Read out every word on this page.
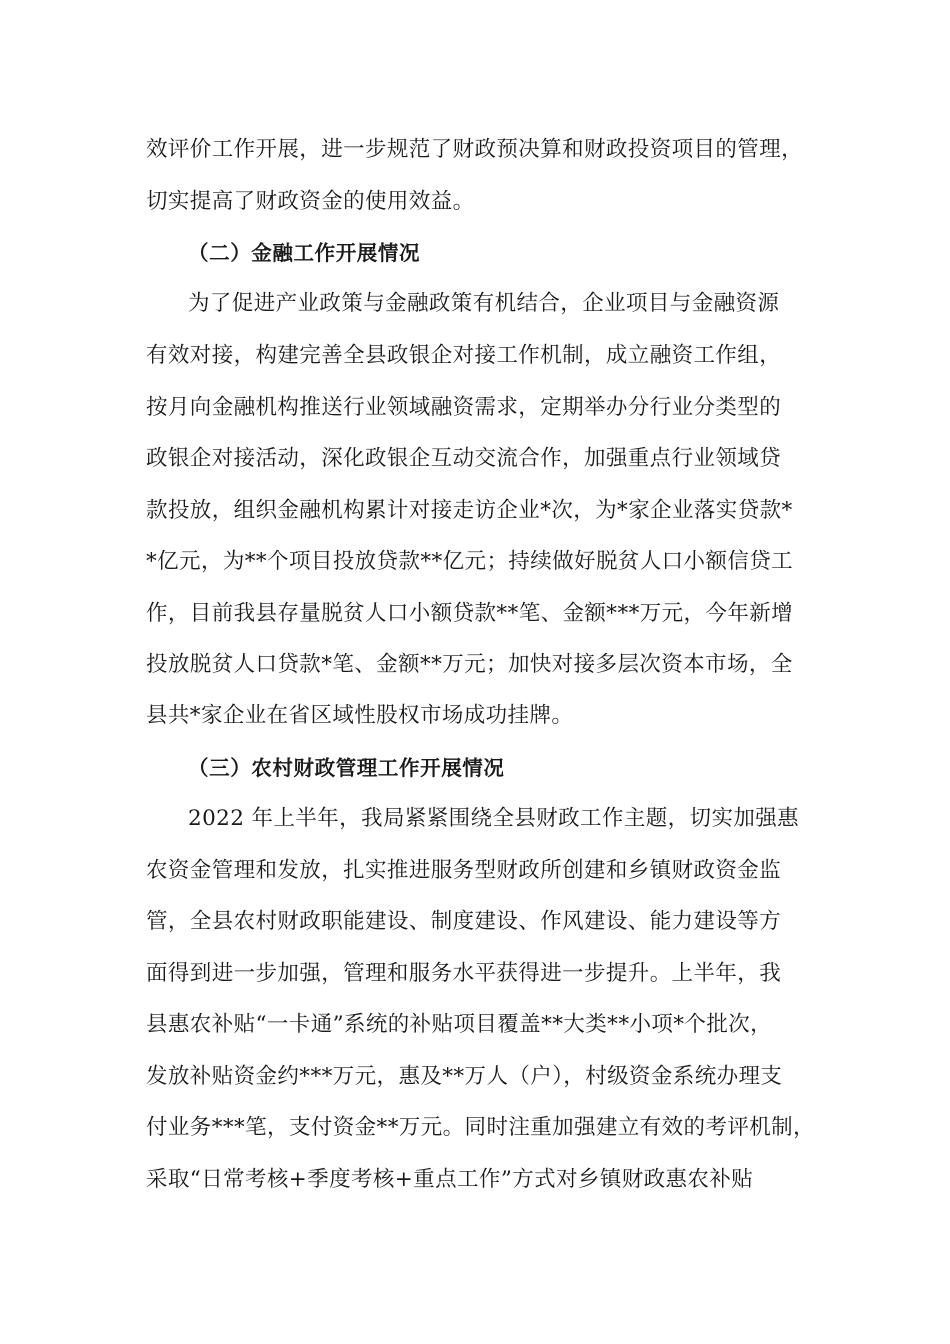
效评价工作开展，进一步规范了财政预决算和财政投资项目的管理，
切实提高了财政资金的使用效益。
（二）金融工作开展情况
为了促进产业政策与金融政策有机结合，企业项目与金融资源
有效对接，构建完善全县政银企对接工作机制，成立融资工作组，
按月向金融机构推送行业领域融资需求，定期举办分行业分类型的
政银企对接活动，深化政银企互动交流合作，加强重点行业领域贷
款投放，组织金融机构累计对接走访企业*次，为*家企业落实贷款*
*亿元，为**个项目投放贷款**亿元；持续做好脱贫人口小额信贷工
作，目前我县存量脱贫人口小额贷款**笔、金额***万元，今年新增
投放脱贫人口贷款*笔、金额**万元；加快对接多层次资本市场，全
县共*家企业在省区域性股权市场成功挂牌。
（三）农村财政管理工作开展情况
2022 年上半年，我局紧紧围绕全县财政工作主题，切实加强惠
农资金管理和发放，扎实推进服务型财政所创建和乡镇财政资金监
管，全县农村财政职能建设、制度建设、作风建设、能力建设等方
面得到进一步加强，管理和服务水平获得进一步提升。上半年，我
县惠农补贴“一卡通”系统的补贴项目覆盖**大类**小项*个批次，
发放补贴资金约***万元，惠及**万人（户），村级资金系统办理支
付业务***笔，支付资金**万元。同时注重加强建立有效的考评机制，
采取“日常考核+季度考核+重点工作”方式对乡镇财政惠农补贴
